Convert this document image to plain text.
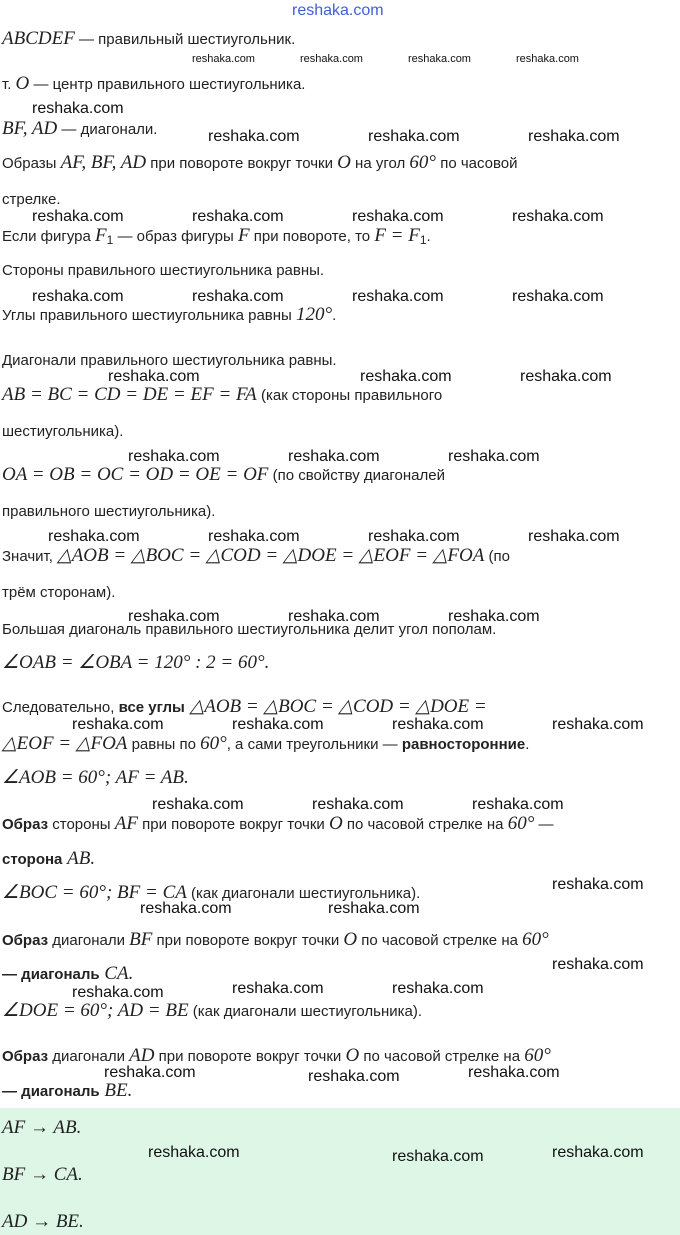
reshaka.com
ABCDEF — правильный шестиугольник.
т. O — центр правильного шестиугольника.
BF, AD — диагонали.
Образы AF, BF, AD при повороте вокруг точки O на угол 60° по часовой
стрелке.
Если фигура $F_1$ — образ фигуры F при повороте, то $F = F_1$.
Стороны правильного шестиугольника равны.
Углы правильного шестиугольника равны 120°.
Диагонали правильного шестиугольника равны.
AB = BC = CD = DE = EF = FA (как стороны правильного
шестиугольника).
OA = OB = OC = OD = OE = OF (по свойству диагоналей
правильного шестиугольника).
Значит, △AOB = △BOC = △COD = △DOE = △EOF = △FOA (по
трём сторонам).
Большая диагональ правильного шестиугольника делит угол пополам.
∠OAB = ∠OBA = 120° : 2 = 60°.
Следовательно, все углы △AOB = △BOC = △COD = △DOE =
△EOF = △FOA равны по 60°, а сами треугольники — равносторонние.
∠AOB = 60°; AF = AB.
Образ стороны AF при повороте вокруг точки O по часовой стрелке на 60° —
сторона AB.
∠BOC = 60°; BF = CA (как диагонали шестиугольника).
Образ диагонали BF при повороте вокруг точки O по часовой стрелке на 60°
— диагональ CA.
∠DOE = 60°; AD = BE (как диагонали шестиугольника).
Образ диагонали AD при повороте вокруг точки O по часовой стрелке на 60°
— диагональ BE.
AF → AB.
BF → CA.
AD → BE.
reshaka.com	reshaka.com	reshaka.com	reshaka.com
reshaka.com
reshaka.com	reshaka.com	reshaka.com
reshaka.com	reshaka.com	reshaka.com	reshaka.com
reshaka.com	reshaka.com	reshaka.com	reshaka.com
reshaka.com	reshaka.com	reshaka.com
reshaka.com	reshaka.com	reshaka.com
reshaka.com	reshaka.com	reshaka.com	reshaka.com
reshaka.com	reshaka.com	reshaka.com
reshaka.com	reshaka.com	reshaka.com	reshaka.com
reshaka.com	reshaka.com	reshaka.com
reshaka.com
reshaka.com	reshaka.com
reshaka.com
reshaka.com	reshaka.com	reshaka.com
reshaka.com	reshaka.com	reshaka.com
reshaka.com	reshaka.com	reshaka.com
